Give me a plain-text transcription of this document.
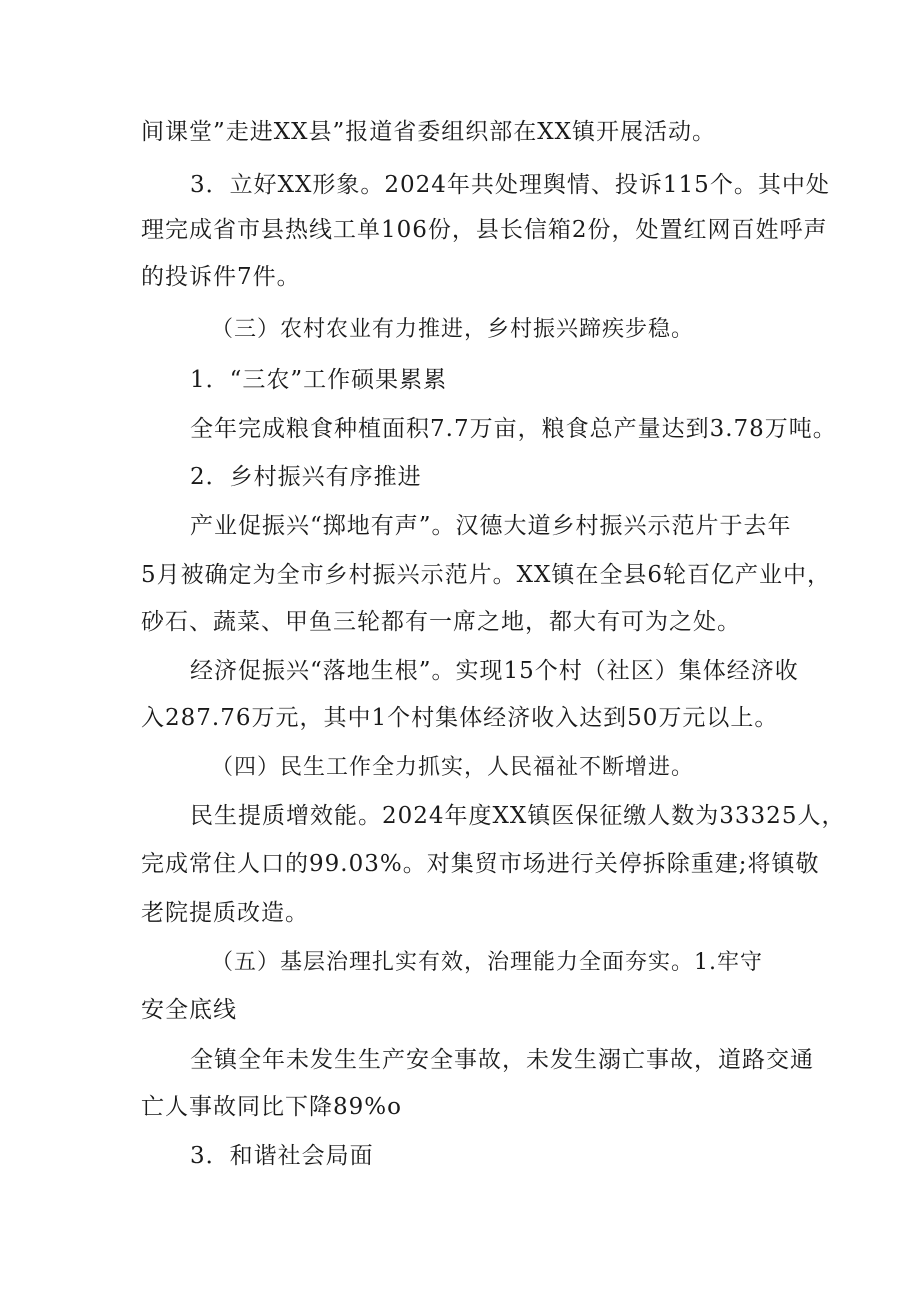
间课堂”走进XX县”报道省委组织部在XX镇开展活动。
3．立好XX形象。2024年共处理舆情、投诉115个。其中处
理完成省市县热线工单106份，县长信箱2份，处置红网百姓呼声
的投诉件7件。
（三）农村农业有力推进，乡村振兴蹄疾步稳。
1．“三农”工作硕果累累
全年完成粮食种植面积7.7万亩，粮食总产量达到3.78万吨。
2．乡村振兴有序推进
产业促振兴“掷地有声”。汉德大道乡村振兴示范片于去年
5月被确定为全市乡村振兴示范片。XX镇在全县6轮百亿产业中，
砂石、蔬菜、甲鱼三轮都有一席之地，都大有可为之处。
经济促振兴“落地生根”。实现15个村（社区）集体经济收
入287.76万元，其中1个村集体经济收入达到50万元以上。
（四）民生工作全力抓实，人民福祉不断增进。
民生提质增效能。2024年度XX镇医保征缴人数为33325人，
完成常住人口的99.03%。对集贸市场进行关停拆除重建;将镇敬
老院提质改造。
（五）基层治理扎实有效，治理能力全面夯实。1.牢守
安全底线
全镇全年未发生生产安全事故，未发生溺亡事故，道路交通
亡人事故同比下降89%o
3．和谐社会局面
